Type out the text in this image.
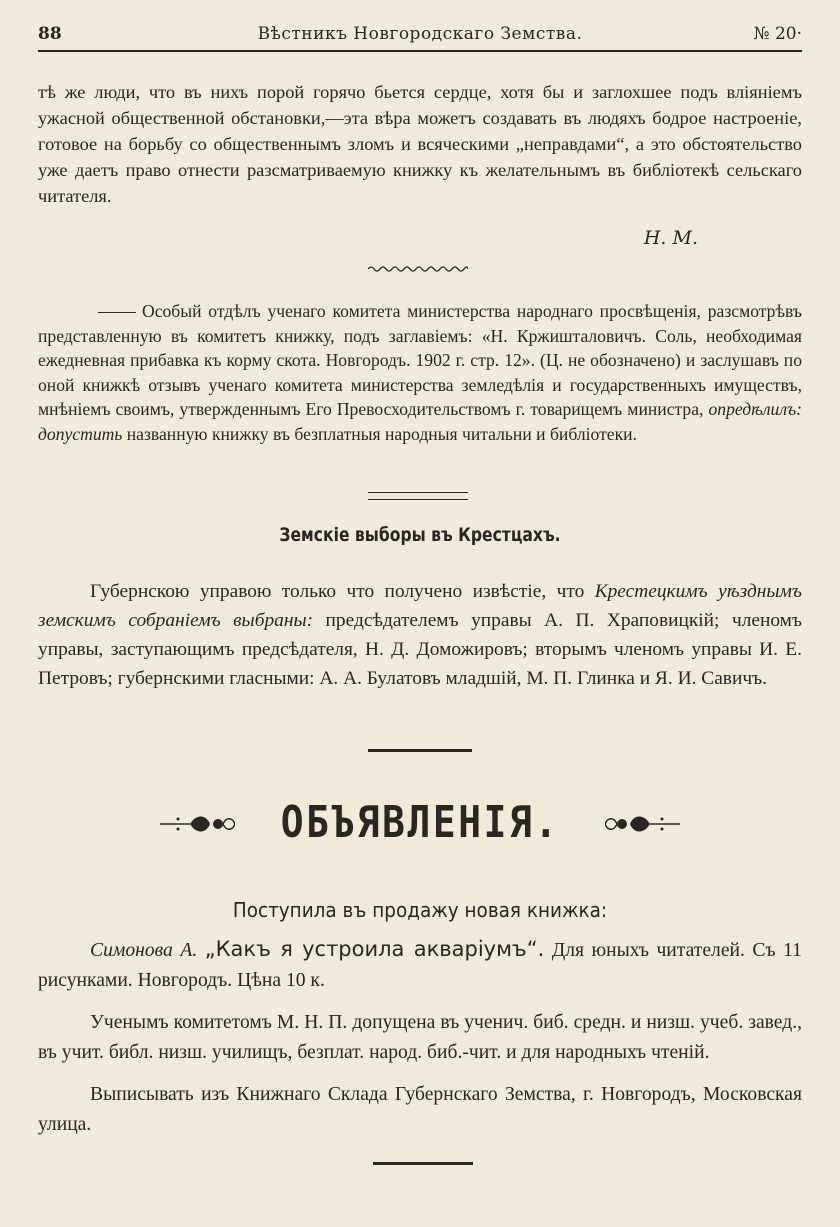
88	Вѣстникъ Новгородскаго Земства.	№ 20·

тѣ же люди, что въ нихъ порой горячо бьется сердце, хотя бы и заглохшее подъ вліяніемъ ужасной общественной обстановки,—эта вѣра можетъ создавать въ людяхъ бодрое настроеніе, готовое на борьбу со общественнымъ зломъ и всяческими „неправдами“, а это обстоятельство уже даетъ право отнести разсматриваемую книжку къ желательнымъ въ библіотекѣ сельскаго читателя.

Н. М.

Особый отдѣлъ ученаго комитета министерства народнаго просвѣщенія, разсмотрѣвъ представленную въ комитетъ книжку, подъ заглавіемъ: «Н. Кржишталовичъ. Соль, необходимая ежедневная прибавка къ корму скота. Новгородъ. 1902 г. стр. 12». (Ц. не обозначено) и заслушавъ по оной книжкѣ отзывъ ученаго комитета министерства земледѣлія и государственныхъ имуществъ, мнѣніемъ своимъ, утвержденнымъ Его Превосходительствомъ г. товарищемъ министра, опредѣлилъ: допустить названную книжку въ безплатныя народныя читальни и библіотеки.

Земскіе выборы въ Крестцахъ.

Губернскою управою только что получено извѣстіе, что Крестецкимъ уѣзднымъ земскимъ собраніемъ выбраны: предсѣдателемъ управы А. П. Храповицкій; членомъ управы, заступающимъ предсѣдателя, Н. Д. Доможировъ; вторымъ членомъ управы И. Е. Петровъ; губернскими гласными: А. А. Булатовъ младшій, М. П. Глинка и Я. И. Савичъ.

ОБЪЯВЛЕНІЯ.
Поступила въ продажу новая книжка:

Симонова А. „Какъ я устроила акваріумъ“. Для юныхъ читателей. Съ 11 рисунками. Новгородъ. Цѣна 10 к.

Ученымъ комитетомъ М. Н. П. допущена въ ученич. биб. средн. и низш. учеб. завед., въ учит. библ. низш. училищъ, безплат. народ. биб.-чит. и для народныхъ чтеній.

Выписывать изъ Книжнаго Склада Губернскаго Земства, г. Новгородъ, Московская улица.
